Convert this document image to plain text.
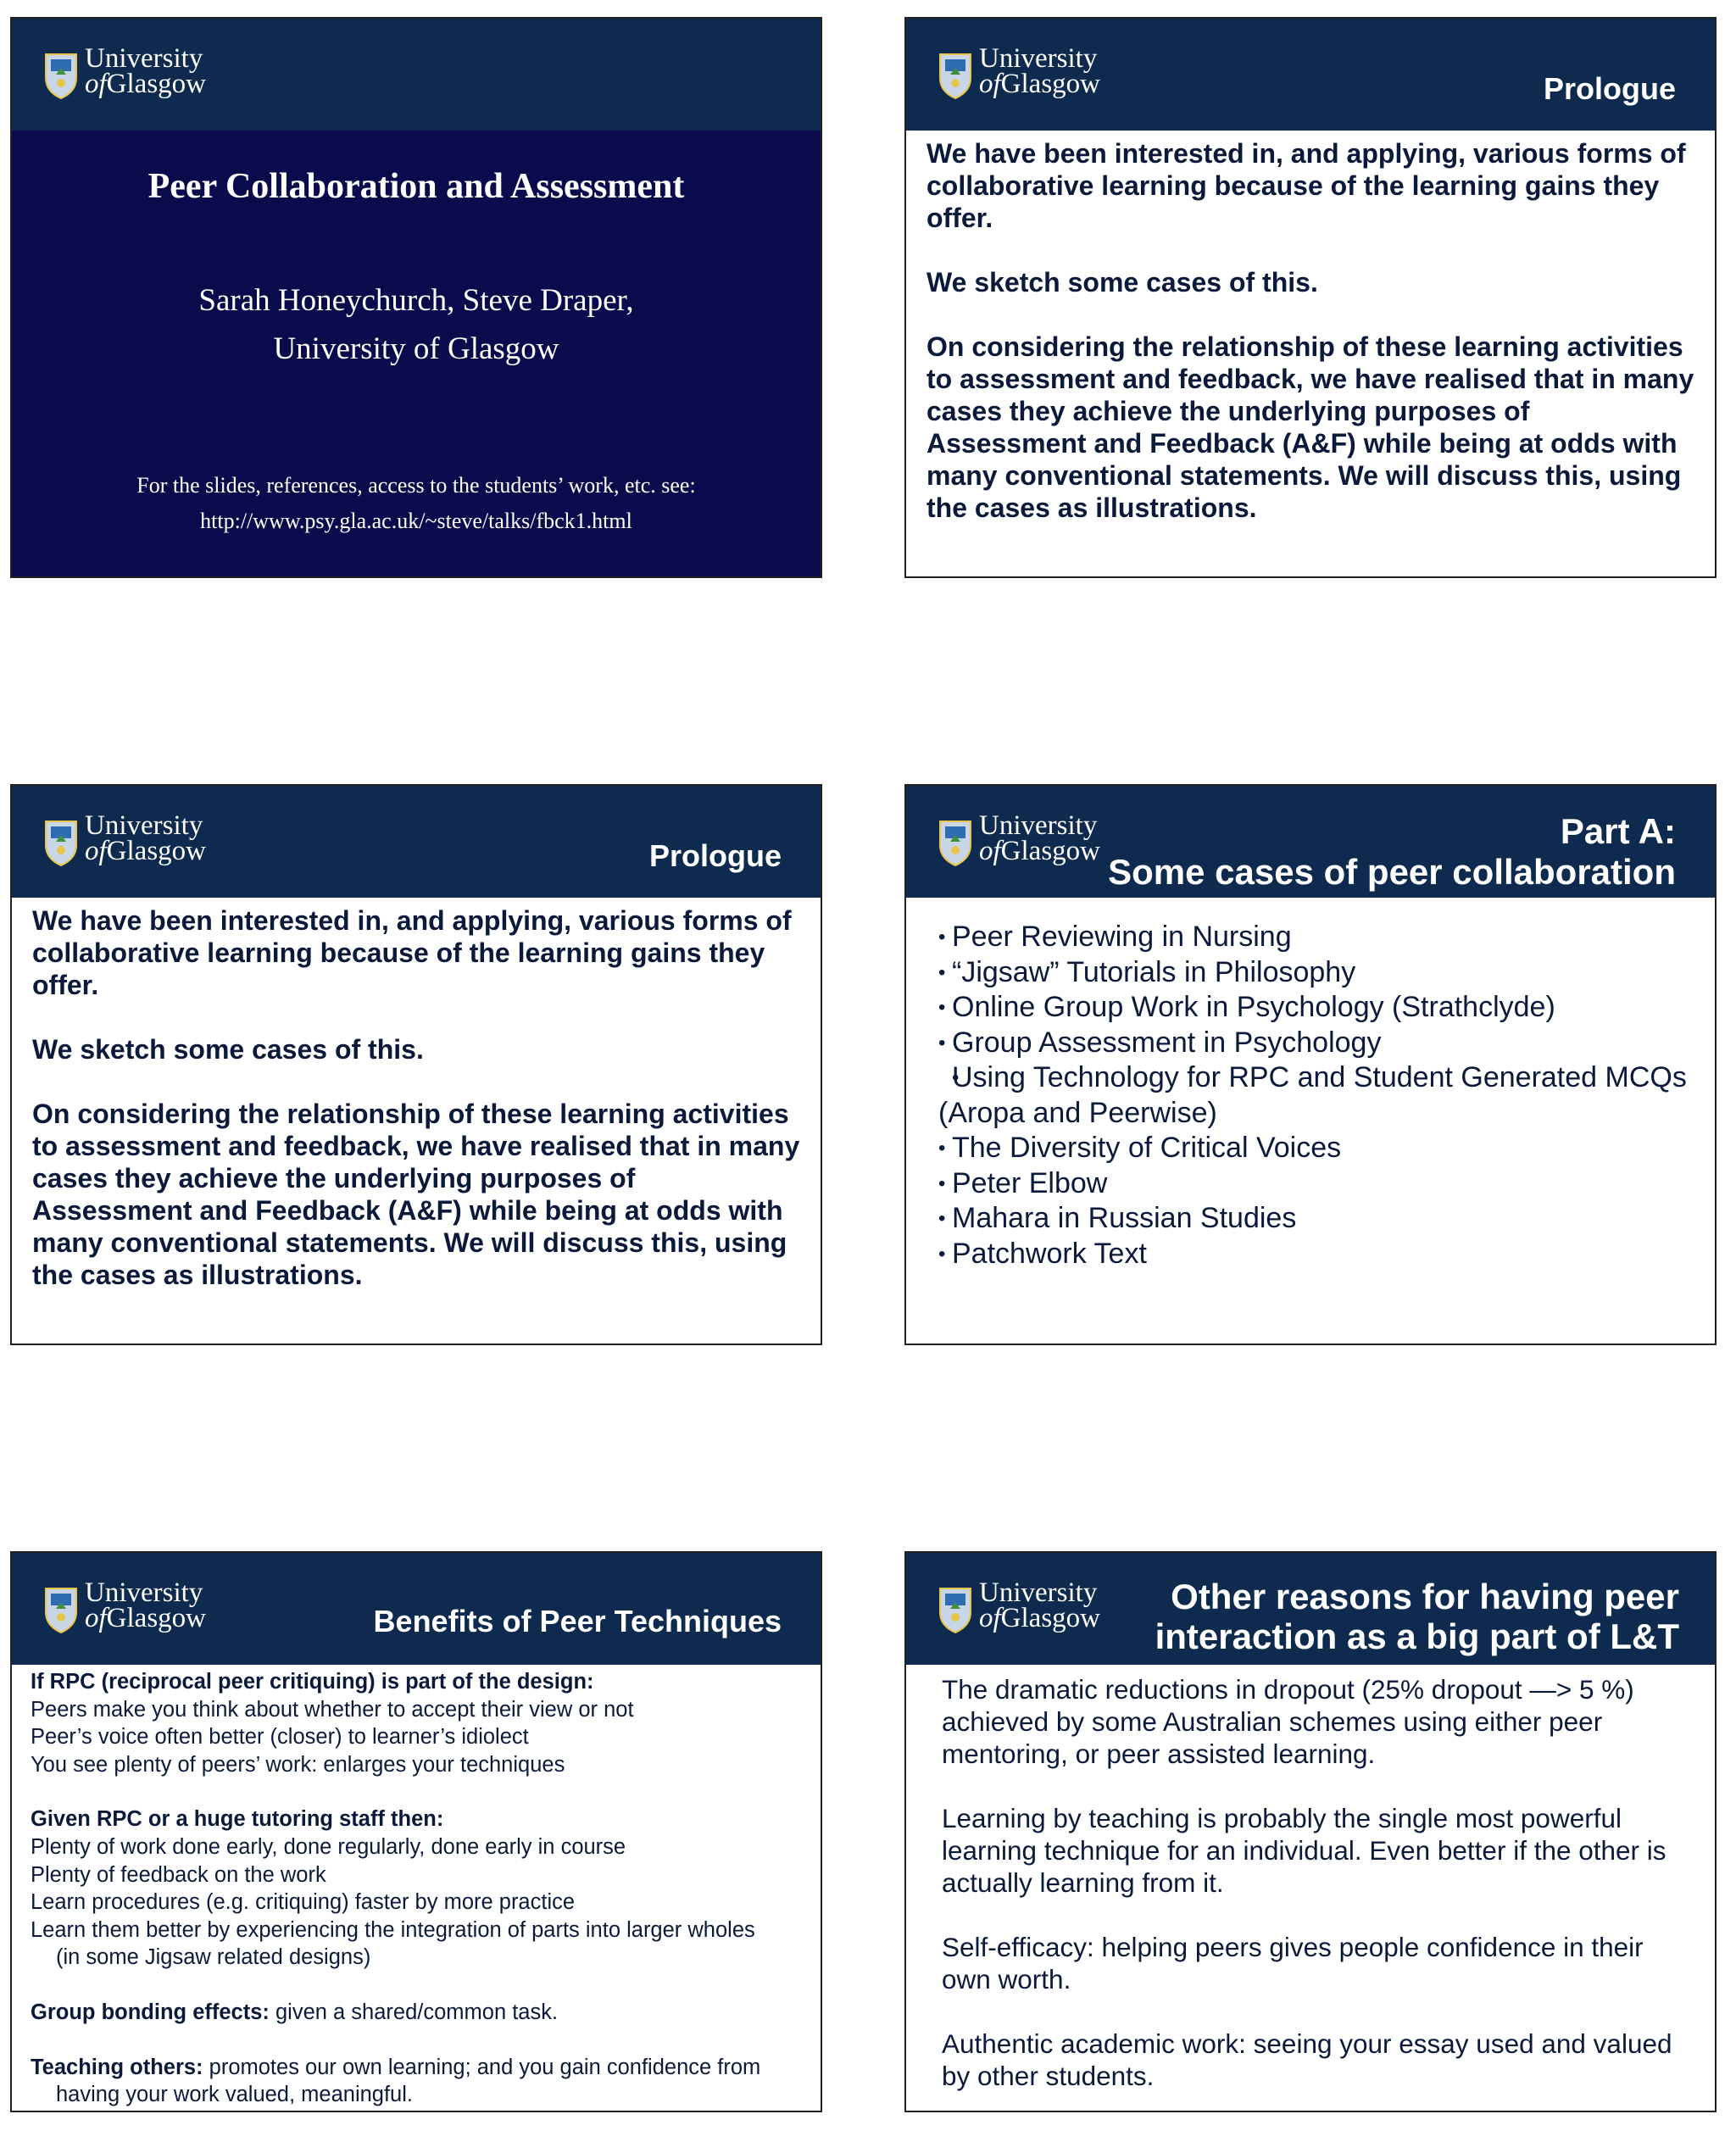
University
ofGlasgow
Peer Collaboration and Assessment
Sarah Honeychurch, Steve Draper,
University of Glasgow
For the slides, references, access to the students’ work, etc. see:
http://www.psy.gla.ac.uk/~steve/talks/fbck1.html
University
ofGlasgow	Prologue

We have been interested in, and applying, various forms of collaborative learning because of the learning gains they offer.

We sketch some cases of this.

On considering the relationship of these learning activities to assessment and feedback, we have realised that in many cases they achieve the underlying purposes of Assessment and Feedback (A&F) while being at odds with many conventional statements. We will discuss this, using the cases as illustrations.

University
ofGlasgow	Prologue

We have been interested in, and applying, various forms of collaborative learning because of the learning gains they offer.

We sketch some cases of this.

On considering the relationship of these learning activities to assessment and feedback, we have realised that in many cases they achieve the underlying purposes of Assessment and Feedback (A&F) while being at odds with many conventional statements. We will discuss this, using the cases as illustrations.

University
ofGlasgow	Part A:
Some cases of peer collaboration
• Peer Reviewing in Nursing
• “Jigsaw” Tutorials in Philosophy
• Online Group Work in Psychology (Strathclyde)
• Group Assessment in Psychology
• Using Technology for RPC and Student Generated MCQs (Aropa and Peerwise)
• The Diversity of Critical Voices
• Peter Elbow
• Mahara in Russian Studies
• Patchwork Text
University
ofGlasgow	Benefits of Peer Techniques
If RPC (reciprocal peer critiquing) is part of the design:
Peers make you think about whether to accept their view or not
Peer’s voice often better (closer) to learner’s idiolect
You see plenty of peers’ work: enlarges your techniques
Given RPC or a huge tutoring staff then:
Plenty of work done early, done regularly, done early in course
Plenty of feedback on the work
Learn procedures (e.g. critiquing) faster by more practice
Learn them better by experiencing the integration of parts into larger wholes
(in some Jigsaw related designs)
Group bonding effects: given a shared/common task.
Teaching others: promotes our own learning; and you gain confidence from
having your work valued, meaningful.
University
ofGlasgow
Other reasons for having peer
interaction as a big part of L&T

The dramatic reductions in dropout (25% dropout —> 5 %) achieved by some Australian schemes using either peer mentoring, or peer assisted learning.

Learning by teaching is probably the single most powerful learning technique for an individual. Even better if the other is actually learning from it.

Self-efficacy: helping peers gives people confidence in their own worth.

Authentic academic work: seeing your essay used and valued by other students.
